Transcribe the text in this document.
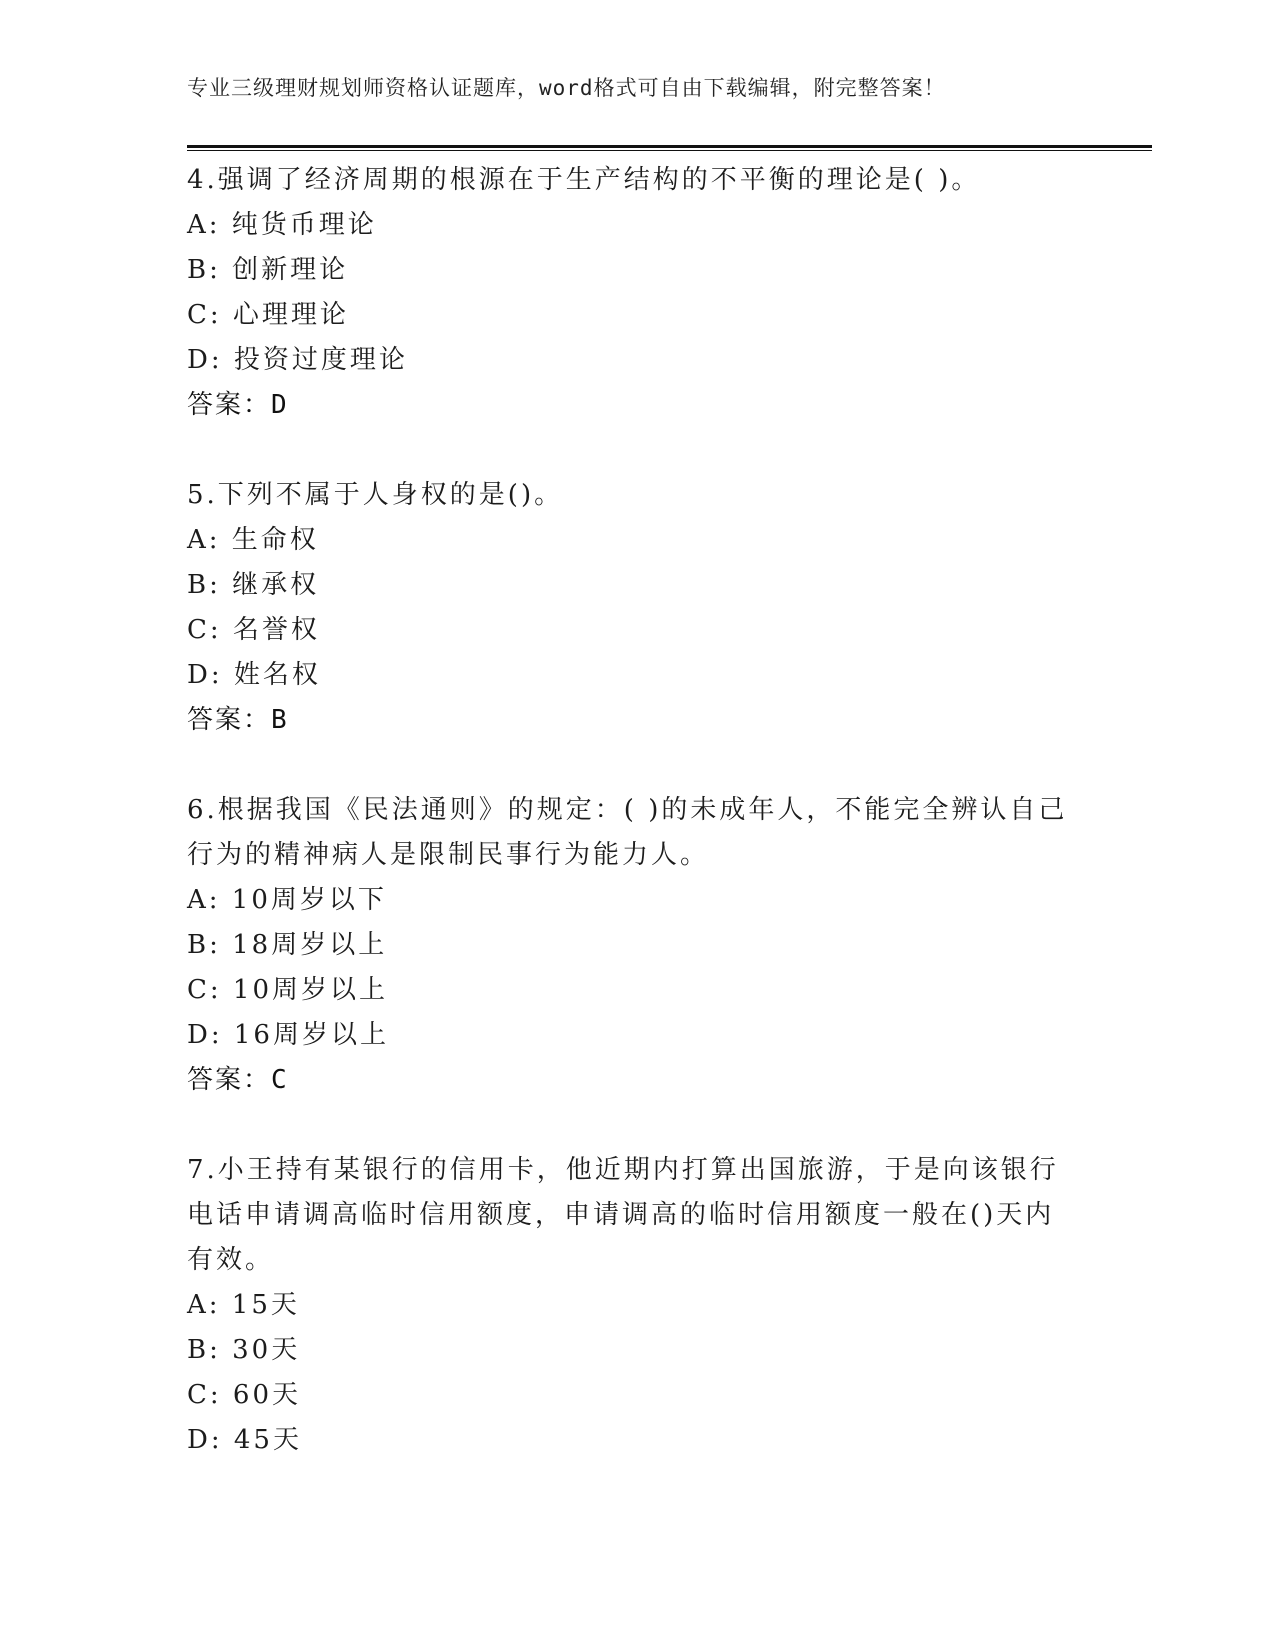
专业三级理财规划师资格认证题库，word格式可自由下载编辑，附完整答案！
4.强调了经济周期的根源在于生产结构的不平衡的理论是( )。
A: 纯货币理论
B: 创新理论
C: 心理理论
D: 投资过度理论
答案：D
5.下列不属于人身权的是()。
A: 生命权
B: 继承权
C: 名誉权
D: 姓名权
答案：B
6.根据我国《民法通则》的规定：( )的未成年人，不能完全辨认自己
行为的精神病人是限制民事行为能力人。
A: 10周岁以下
B: 18周岁以上
C: 10周岁以上
D: 16周岁以上
答案：C
7.小王持有某银行的信用卡，他近期内打算出国旅游，于是向该银行
电话申请调高临时信用额度，申请调高的临时信用额度一般在()天内
有效。
A: 15天
B: 30天
C: 60天
D: 45天
